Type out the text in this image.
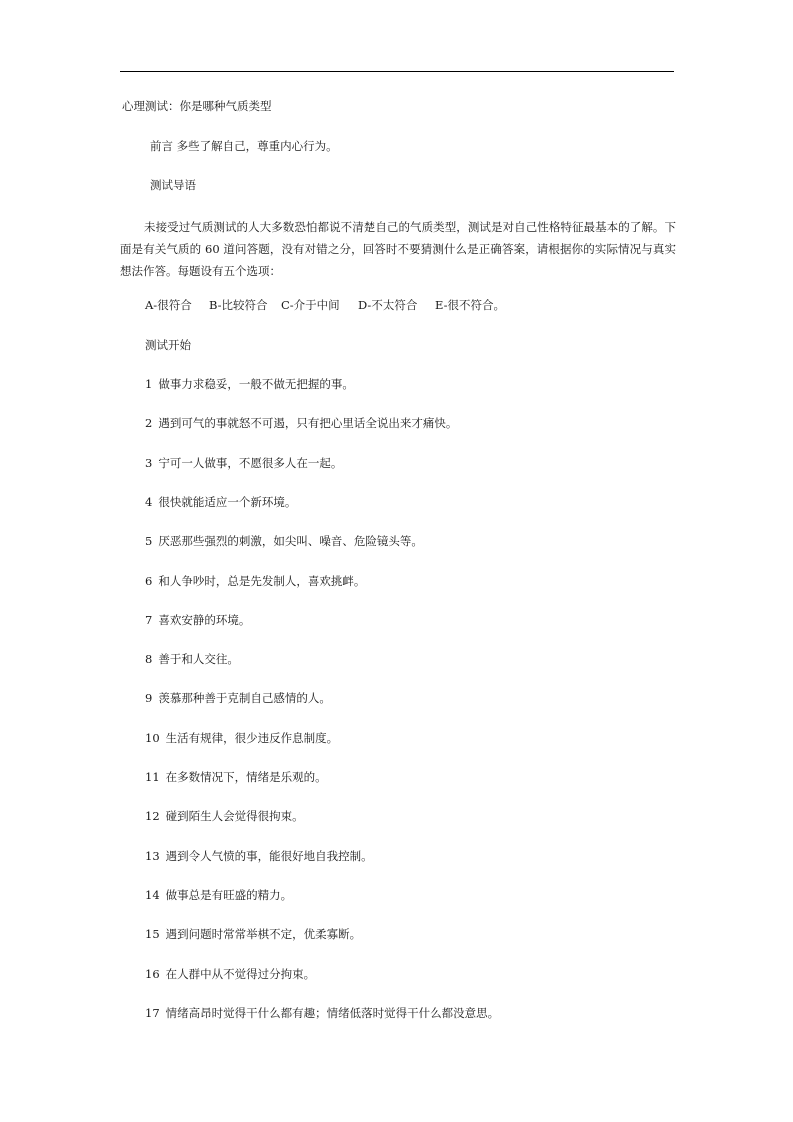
心理测试：你是哪种气质类型
前言 多些了解自己，尊重内心行为。
测试导语
未接受过气质测试的人大多数恐怕都说不清楚自己的气质类型，测试是对自己性格特征最基本的了解。下面是有关气质的 60 道问答题，没有对错之分，回答时不要猜测什么是正确答案，请根据你的实际情况与真实想法作答。每题设有五个选项：
A-很符合 B-比较符合 C-介于中间 D-不太符合 E-很不符合。
测试开始
1 做事力求稳妥，一般不做无把握的事。
2 遇到可气的事就怒不可遏，只有把心里话全说出来才痛快。
3 宁可一人做事，不愿很多人在一起。
4 很快就能适应一个新环境。
5 厌恶那些强烈的刺激，如尖叫、噪音、危险镜头等。
6 和人争吵时，总是先发制人，喜欢挑衅。
7 喜欢安静的环境。
8 善于和人交往。
9 羡慕那种善于克制自己感情的人。
10 生活有规律，很少违反作息制度。
11 在多数情况下，情绪是乐观的。
12 碰到陌生人会觉得很拘束。
13 遇到令人气愤的事，能很好地自我控制。
14 做事总是有旺盛的精力。
15 遇到问题时常常举棋不定，优柔寡断。
16 在人群中从不觉得过分拘束。
17 情绪高昂时觉得干什么都有趣；情绪低落时觉得干什么都没意思。
